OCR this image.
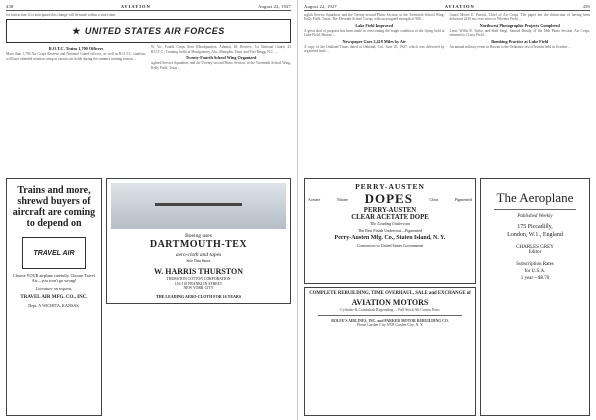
438	AVIATION	August 22, 1927
for instruction. It is anticipated this change will be made within a short time.
★ UNITED STATES AIR FORCES
R.O.T.C. Trains 1,700 Officers
More than 1,700 Air Corps Reserve and National Guard officers, as well as R.O.T.C. students, will have attended aviation camp at various air fields during the summer training season ...
W. Va.; Fourth Corps Area (Headquarters, Atlanta), Ill. Reserve, 1st National Guard, 43 R.O.T.C.; Training fields at Montgomery, Ala.; Memphis, Tenn. and Fort Bragg, N.C. ...
Twenty-Fourth School Wing Organized
sighted Service Squadron, and the Twenty-second Photo Section, to the Twentieth School Wing, Kelly Field, Texas ...
Trains and more, shrewd buyers of aircraft are coming to depend on
TRAVEL AIR
Choose YOUR airplane carefully. Choose Travel Air—you won't go wrong!
Literature on request.
TRAVEL AIR MFG. CO., INC.
Dept. A WICHITA, KANSAS.
Boeing uses
DARTMOUTH-TEX
aero-cloth and tapes
Sole Distributor
W. HARRIS THURSTON
THURSTON COTTON CORPORATION
116-118 FRANKLIN STREET
NEW YORK CITY
THE LEADING AERO-CLOTH FOR 16 YEARS
August 22, 1927	AVIATION	439
sighth Service Squadron, and the Twenty-second Photo Section, to the Twentieth School Wing, Kelly Field, Texas. The Eleventh School Group, with an assigned strength of 908 ...
Lake Field Improved
A great deal of progress has been made in overcoming the rough condition of the flying field at Luke Field, Hawaii ...
Newspaper Goes 2,418 Miles by Air
A copy of the Oakland Times dated at Oakland, Cal., June 25, 1927, which was delivered by registered mail ...
Guard Moses E. Patrick, Chief of Air Corps. The paper has the distinction of having been delivered 2418 mi. over wires to Wheeler Field ...
Northwest Photographic Projects Completed
Lieut. Willis R. Taylor and Staff Sergt. Samuel Bundy, of the 18th Photo Section, Air Corps, returned to Crissy Field ...
Bombing Practice at Luke Field
An annual military event in Hawaii is the Ordnance test of bombs held in October ...
PERRY-AUSTEN
Acetate	Nitrate DOPES	Clear	Pigmented
PERRY-AUSTEN
CLEAR ACETATE DOPE
The Leading Undercoat
The Best Finish Undercoat—Pigmented
Perry-Austen Mfg. Co., Staten Island, N. Y.
Contractors to United States Government
COMPLETE REBUILDING, TIME OVERHAUL, SALE and EXCHANGE of
AVIATION MOTORS
Cylinder & Crankshaft Regrinding ... Full Stock All Curtiss Parts
ROLFE'S AIRLINES, INC. and PARKER MOTOR REBUILDING CO.
Phone Garden City 6708 Garden City, N. Y.
The Aeroplane
Published Weekly
175 Piccadilly,
London, W.1., England
CHARLES GREY
Editor
Subscription Rates
for U.S.A.
1 year—$8.70
